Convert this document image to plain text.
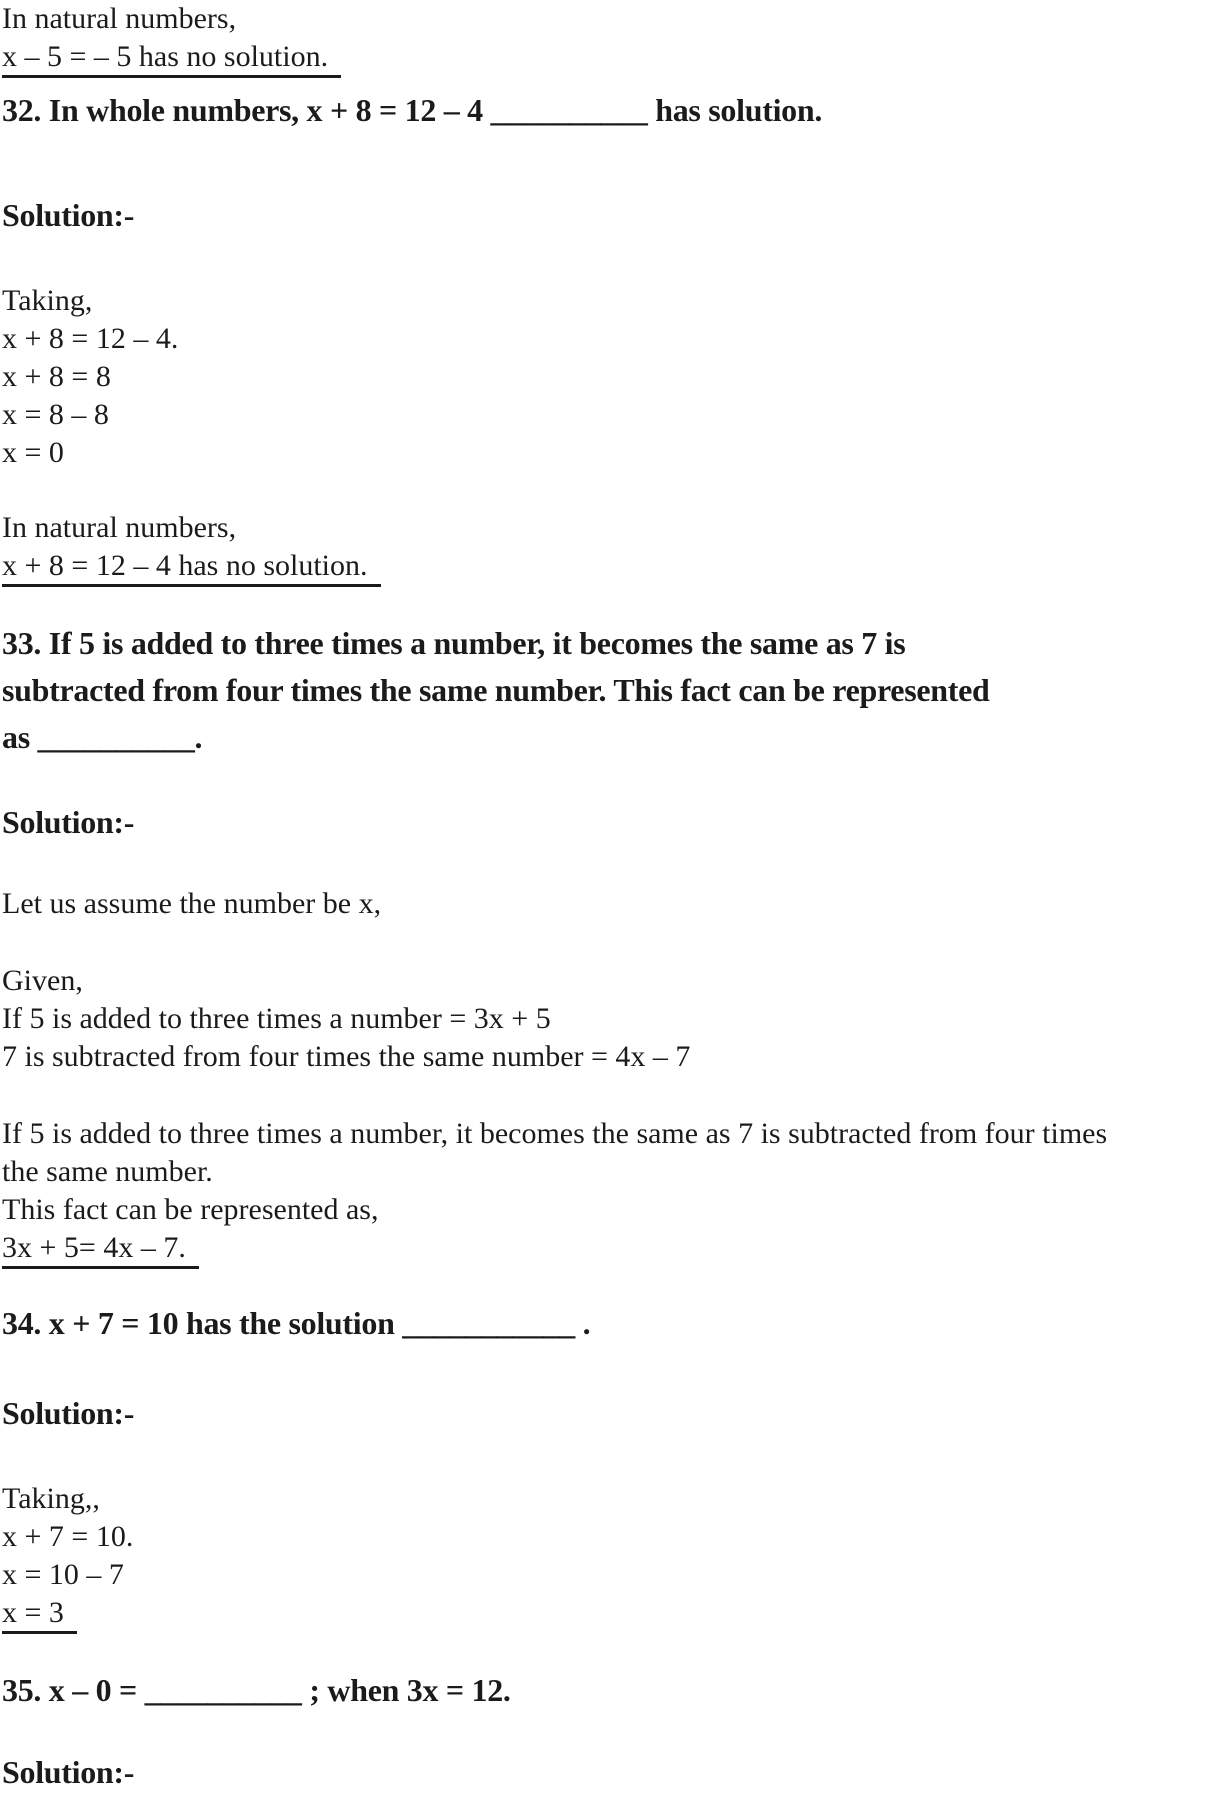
In natural numbers,
x – 5 = – 5 has no solution.
32. In whole numbers, x + 8 = 12 – 4 __________ has solution.
Solution:-
Taking,
x + 8 = 12 – 4.
x + 8 = 8
x = 8 – 8
x = 0
In natural numbers,
x + 8 = 12 – 4 has no solution.
33. If 5 is added to three times a number, it becomes the same as 7 is
subtracted from four times the same number. This fact can be represented
as __________.
Solution:-
Let us assume the number be x,
Given,
If 5 is added to three times a number = 3x + 5
7 is subtracted from four times the same number = 4x – 7
If 5 is added to three times a number, it becomes the same as 7 is subtracted from four times
the same number.
This fact can be represented as,
3x + 5= 4x – 7.
34. x + 7 = 10 has the solution ___________ .
Solution:-
Taking,,
x + 7 = 10.
x = 10 – 7
x = 3
35. x – 0 = __________ ; when 3x = 12.
Solution:-
